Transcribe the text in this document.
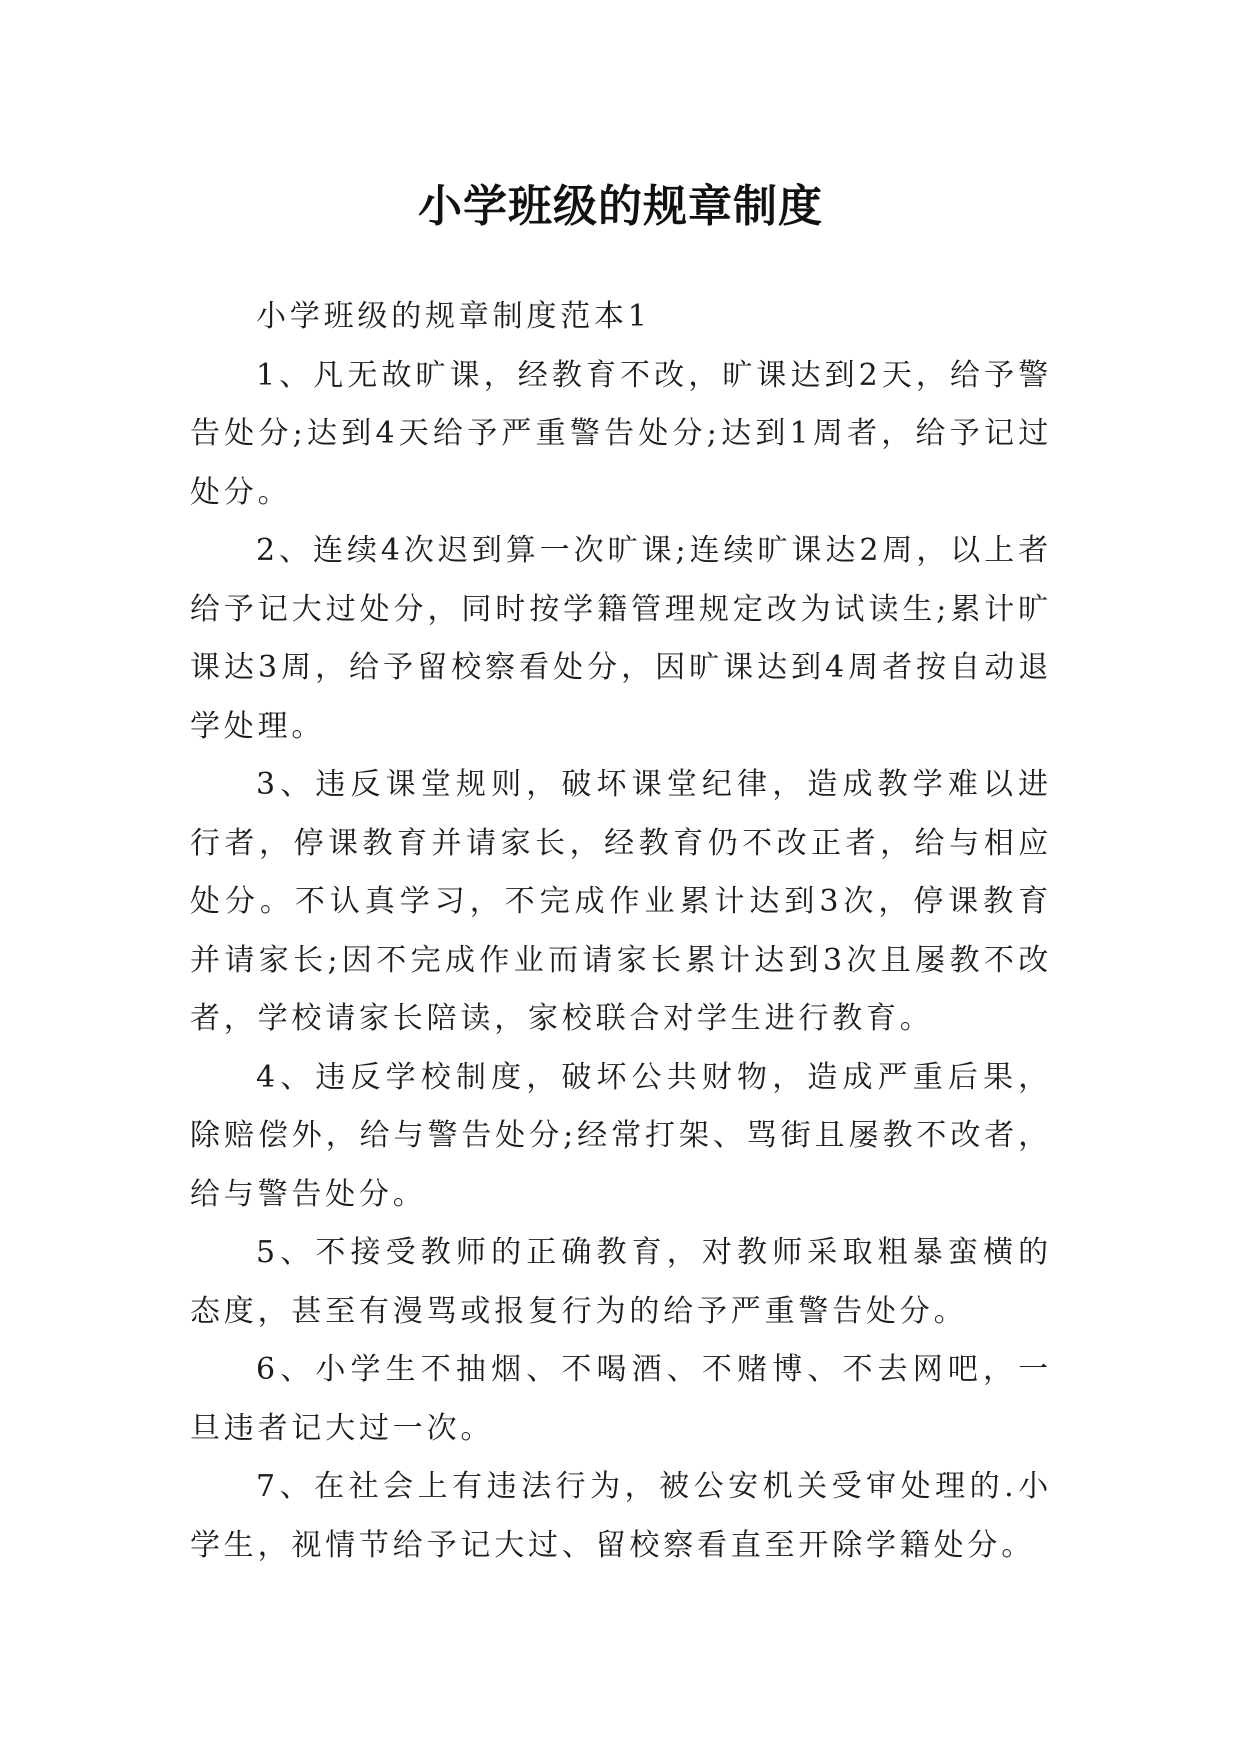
小学班级的规章制度

小学班级的规章制度范本1

1、凡无故旷课，经教育不改，旷课达到2天，给予警告处分;达到4天给予严重警告处分;达到1周者，给予记过处分。

2、连续4次迟到算一次旷课;连续旷课达2周，以上者给予记大过处分，同时按学籍管理规定改为试读生;累计旷课达3周，给予留校察看处分，因旷课达到4周者按自动退学处理。

3、违反课堂规则，破坏课堂纪律，造成教学难以进行者，停课教育并请家长，经教育仍不改正者，给与相应处分。不认真学习，不完成作业累计达到3次，停课教育并请家长;因不完成作业而请家长累计达到3次且屡教不改者，学校请家长陪读，家校联合对学生进行教育。

4、违反学校制度，破坏公共财物，造成严重后果，除赔偿外，给与警告处分;经常打架、骂街且屡教不改者，给与警告处分。

5、不接受教师的正确教育，对教师采取粗暴蛮横的态度，甚至有漫骂或报复行为的给予严重警告处分。

6、小学生不抽烟、不喝酒、不赌博、不去网吧，一旦违者记大过一次。

7、在社会上有违法行为，被公安机关受审处理的.小学生，视情节给予记大过、留校察看直至开除学籍处分。
